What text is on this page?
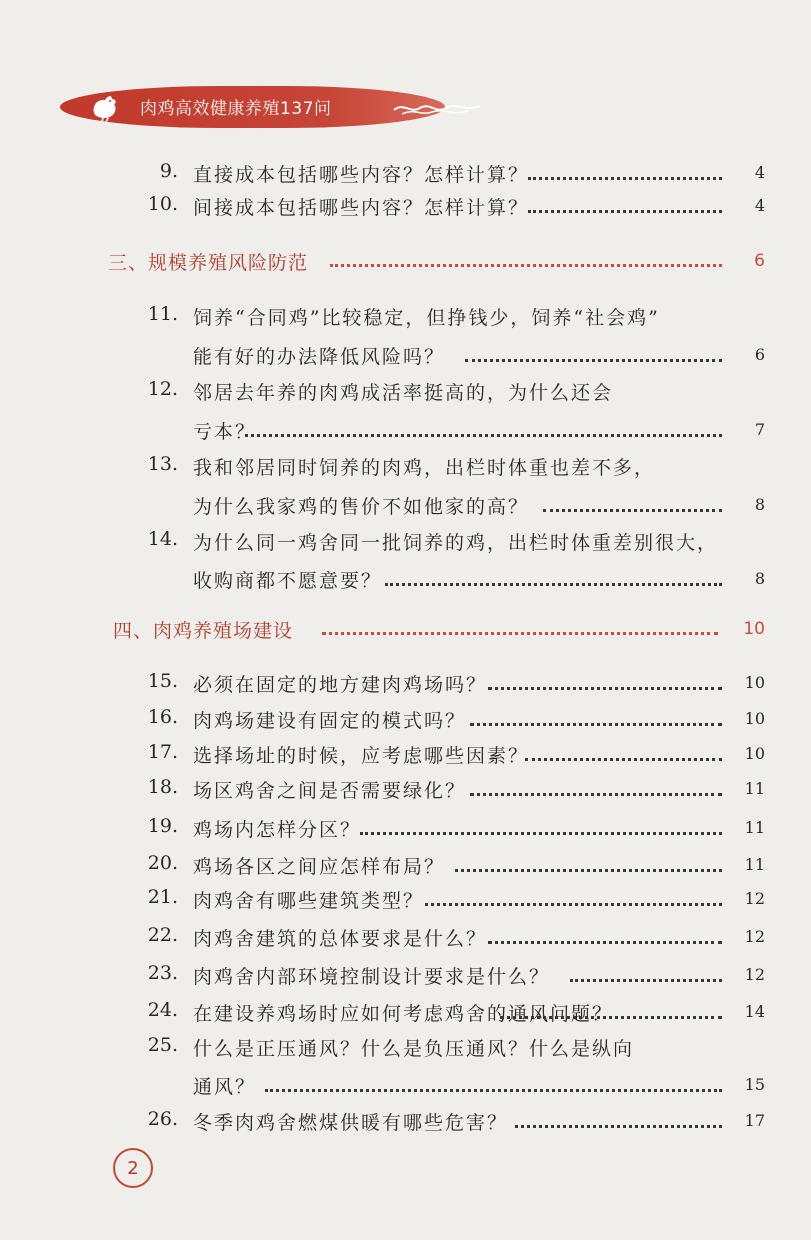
肉鸡高效健康养殖137问
9. 直接成本包括哪些内容？怎样计算？	4
10. 间接成本包括哪些内容？怎样计算？	4
三、规模养殖风险防范	6
11. 饲养“合同鸡”比较稳定，但挣钱少，饲养“社会鸡”
能有好的办法降低风险吗？	6
12. 邻居去年养的肉鸡成活率挺高的，为什么还会
亏本？	7
13. 我和邻居同时饲养的肉鸡，出栏时体重也差不多，
为什么我家鸡的售价不如他家的高？	8
14. 为什么同一鸡舍同一批饲养的鸡，出栏时体重差别很大，
收购商都不愿意要？	8
四、肉鸡养殖场建设	10
15. 必须在固定的地方建肉鸡场吗？	10
16. 肉鸡场建设有固定的模式吗？	10
17. 选择场址的时候，应考虑哪些因素？	10
18. 场区鸡舍之间是否需要绿化？	11
19. 鸡场内怎样分区？	11
20. 鸡场各区之间应怎样布局？	11
21. 肉鸡舍有哪些建筑类型？	12
22. 肉鸡舍建筑的总体要求是什么？	12
23. 肉鸡舍内部环境控制设计要求是什么？	12
24. 在建设养鸡场时应如何考虑鸡舍的通风问题？	14
25. 什么是正压通风？什么是负压通风？什么是纵向
通风？	15
26. 冬季肉鸡舍燃煤供暖有哪些危害？	17
2
